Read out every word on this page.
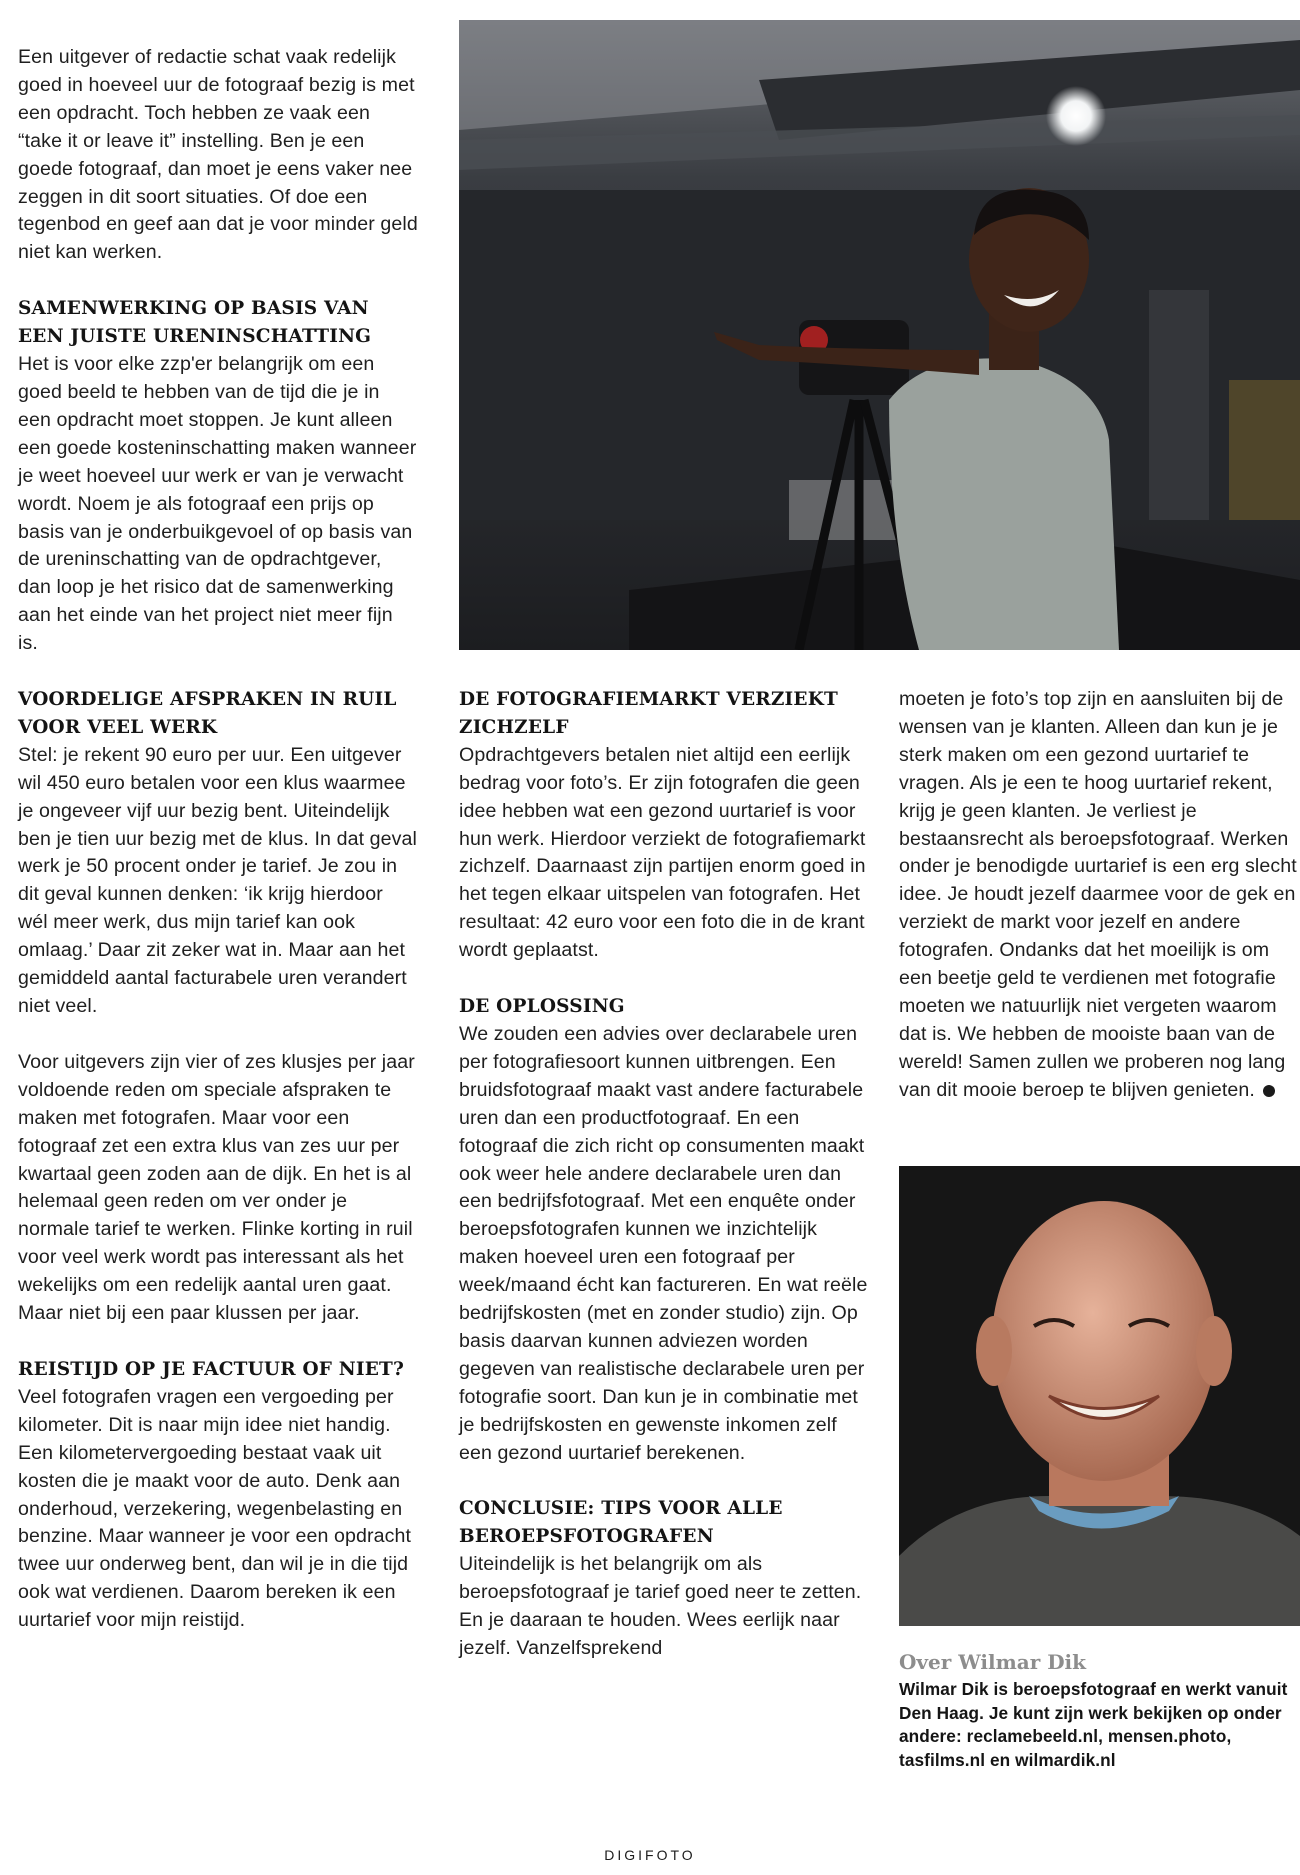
Een uitgever of redactie schat vaak redelijk goed in hoeveel uur de fotograaf bezig is met een opdracht. Toch hebben ze vaak een “take it or leave it” instelling. Ben je een goede fotograaf, dan moet je eens vaker nee zeggen in dit soort situaties. Of doe een tegenbod en geef aan dat je voor minder geld niet kan werken.

SAMENWERKING OP BASIS VAN EEN JUISTE URENINSCHATTING

Het is voor elke zzp'er belangrijk om een goed beeld te hebben van de tijd die je in een opdracht moet stoppen. Je kunt alleen een goede kosteninschatting maken wanneer je weet hoeveel uur werk er van je verwacht wordt. Noem je als fotograaf een prijs op basis van je onderbuikgevoel of op basis van de ureninschatting van de opdrachtgever, dan loop je het risico dat de samenwerking aan het einde van het project niet meer fijn is.

VOORDELIGE AFSPRAKEN IN RUIL VOOR VEEL WERK

Stel: je rekent 90 euro per uur. Een uitgever wil 450 euro betalen voor een klus waarmee je ongeveer vijf uur bezig bent. Uiteindelijk ben je tien uur bezig met de klus. In dat geval werk je 50 procent onder je tarief. Je zou in dit geval kunnen denken: ‘ik krijg hierdoor wél meer werk, dus mijn tarief kan ook omlaag.’ Daar zit zeker wat in. Maar aan het gemiddeld aantal facturabele uren verandert niet veel.

Voor uitgevers zijn vier of zes klusjes per jaar voldoende reden om speciale afspraken te maken met fotografen. Maar voor een fotograaf zet een extra klus van zes uur per kwartaal geen zoden aan de dijk. En het is al helemaal geen reden om ver onder je normale tarief te werken. Flinke korting in ruil voor veel werk wordt pas interessant als het wekelijks om een redelijk aantal uren gaat. Maar niet bij een paar klussen per jaar.

REISTIJD OP JE FACTUUR OF NIET?

Veel fotografen vragen een vergoeding per kilometer. Dit is naar mijn idee niet handig. Een kilometervergoeding bestaat vaak uit kosten die je maakt voor de auto. Denk aan onderhoud, verzekering, wegenbelasting en benzine. Maar wanneer je voor een opdracht twee uur onderweg bent, dan wil je in die tijd ook wat verdienen. Daarom bereken ik een uurtarief voor mijn reistijd.

DE FOTOGRAFIEMARKT VERZIEKT ZICHZELF

Opdrachtgevers betalen niet altijd een eerlijk bedrag voor foto’s. Er zijn fotografen die geen idee hebben wat een gezond uurtarief is voor hun werk. Hierdoor verziekt de fotografiemarkt zichzelf. Daarnaast zijn partijen enorm goed in het tegen elkaar uitspelen van fotografen. Het resultaat: 42 euro voor een foto die in de krant wordt geplaatst.

DE OPLOSSING

We zouden een advies over declarabele uren per fotografiesoort kunnen uitbrengen. Een bruidsfotograaf maakt vast andere facturabele uren dan een productfotograaf. En een fotograaf die zich richt op consumenten maakt ook weer hele andere declarabele uren dan een bedrijfsfotograaf. Met een enquête onder beroepsfotografen kunnen we inzichtelijk maken hoeveel uren een fotograaf per week/maand écht kan factureren. En wat reële bedrijfskosten (met en zonder studio) zijn. Op basis daarvan kunnen adviezen worden gegeven van realistische declarabele uren per fotografie soort. Dan kun je in combinatie met je bedrijfskosten en gewenste inkomen zelf een gezond uurtarief berekenen.

CONCLUSIE: TIPS VOOR ALLE BEROEPSFOTOGRAFEN

Uiteindelijk is het belangrijk om als beroepsfotograaf je tarief goed neer te zetten. En je daaraan te houden. Wees eerlijk naar jezelf. Vanzelfsprekend

moeten je foto’s top zijn en aansluiten bij de wensen van je klanten. Alleen dan kun je je sterk maken om een gezond uurtarief te vragen. Als je een te hoog uurtarief rekent, krijg je geen klanten. Je verliest je bestaansrecht als beroepsfotograaf. Werken onder je benodigde uurtarief is een erg slecht idee. Je houdt jezelf daarmee voor de gek en verziekt de markt voor jezelf en andere fotografen. Ondanks dat het moeilijk is om een beetje geld te verdienen met fotografie moeten we natuurlijk niet vergeten waarom dat is. We hebben de mooiste baan van de wereld! Samen zullen we proberen nog lang van dit mooie beroep te blijven genieten.

Over Wilmar Dik

Wilmar Dik is beroepsfotograaf en werkt vanuit Den Haag. Je kunt zijn werk bekijken op onder andere: reclamebeeld.nl, mensen.photo, tasfilms.nl en wilmardik.nl

DIGIFOTO
